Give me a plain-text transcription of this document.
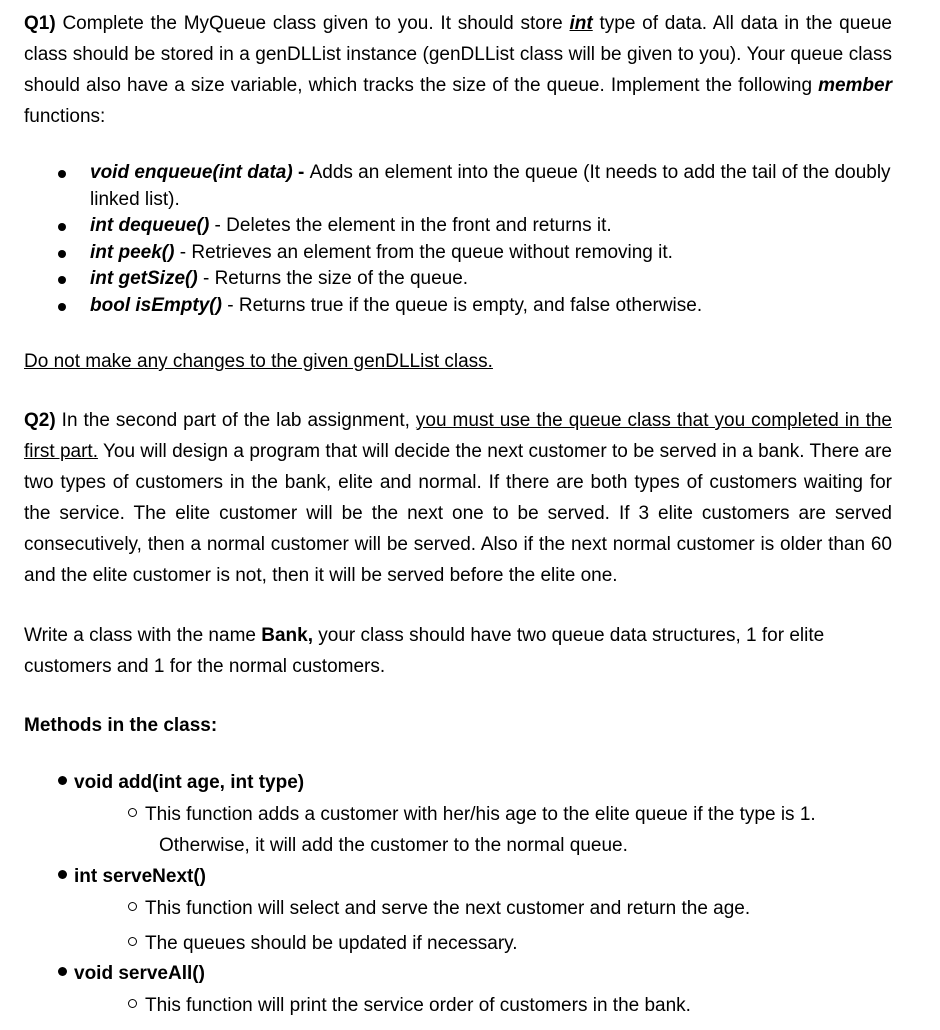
Q1) Complete the MyQueue class given to you. It should store int type of data. All data in the queue class should be stored in a genDLList instance (genDLList class will be given to you). Your queue class should also have a size variable, which tracks the size of the queue. Implement the following member functions:

void enqueue(int data) - Adds an element into the queue (It needs to add the tail of the doubly linked list).
int dequeue() - Deletes the element in the front and returns it.
int peek() - Retrieves an element from the queue without removing it.
int getSize() - Returns the size of the queue.
bool isEmpty() - Returns true if the queue is empty, and false otherwise.

Do not make any changes to the given genDLList class.

Q2) In the second part of the lab assignment, you must use the queue class that you completed in the first part. You will design a program that will decide the next customer to be served in a bank. There are two types of customers in the bank, elite and normal. If there are both types of customers waiting for the service. The elite customer will be the next one to be served. If 3 elite customers are served consecutively, then a normal customer will be served. Also if the next normal customer is older than 60 and the elite customer is not, then it will be served before the elite one.

Write a class with the name Bank, your class should have two queue data structures, 1 for elite customers and 1 for the normal customers.

Methods in the class:

void add(int age, int type)

This function adds a customer with her/his age to the elite queue if the type is 1.
Otherwise, it will add the customer to the normal queue.

int serveNext()

This function will select and serve the next customer and return the age.

The queues should be updated if necessary.

void serveAll()

This function will print the service order of customers in the bank.
